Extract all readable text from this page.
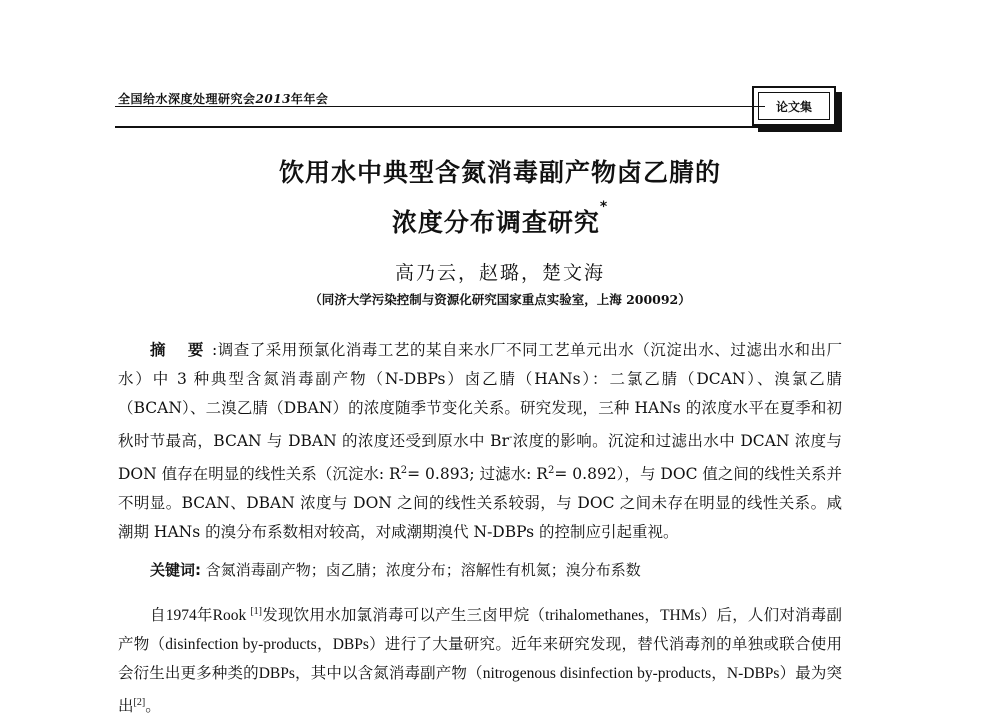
全国给水深度处理研究会2013年年会
论文集
饮用水中典型含氮消毒副产物卤乙腈的
浓度分布调查研究*
高乃云，赵璐，楚文海
（同济大学污染控制与资源化研究国家重点实验室，上海 200092）
摘 要:调查了采用预氯化消毒工艺的某自来水厂不同工艺单元出水（沉淀出水、过滤出水和出厂水）中 3 种典型含氮消毒副产物（N-DBPs）卤乙腈（HANs）：二氯乙腈（DCAN）、溴氯乙腈（BCAN）、二溴乙腈（DBAN）的浓度随季节变化关系。研究发现，三种 HANs 的浓度水平在夏季和初秋时节最高，BCAN 与 DBAN 的浓度还受到原水中 Br-浓度的影响。沉淀和过滤出水中 DCAN 浓度与 DON 值存在明显的线性关系（沉淀水: $R^2= 0.893$; 过滤水: $R^2= 0.892$），与 DOC 值之间的线性关系并不明显。BCAN、DBAN 浓度与 DON 之间的线性关系较弱，与 DOC 之间未存在明显的线性关系。咸潮期 HANs 的溴分布系数相对较高，对咸潮期溴代 N-DBPs 的控制应引起重视。
关键词: 含氮消毒副产物；卤乙腈；浓度分布；溶解性有机氮；溴分布系数
自1974年Rook [1]发现饮用水加氯消毒可以产生三卤甲烷（trihalomethanes，THMs）后，人们对消毒副产物（disinfection by-products，DBPs）进行了大量研究。近年来研究发现，替代消毒剂的单独或联合使用会衍生出更多种类的DBPs，其中以含氮消毒副产物（nitrogenous disinfection by-products，N-DBPs）最为突出[2]。
